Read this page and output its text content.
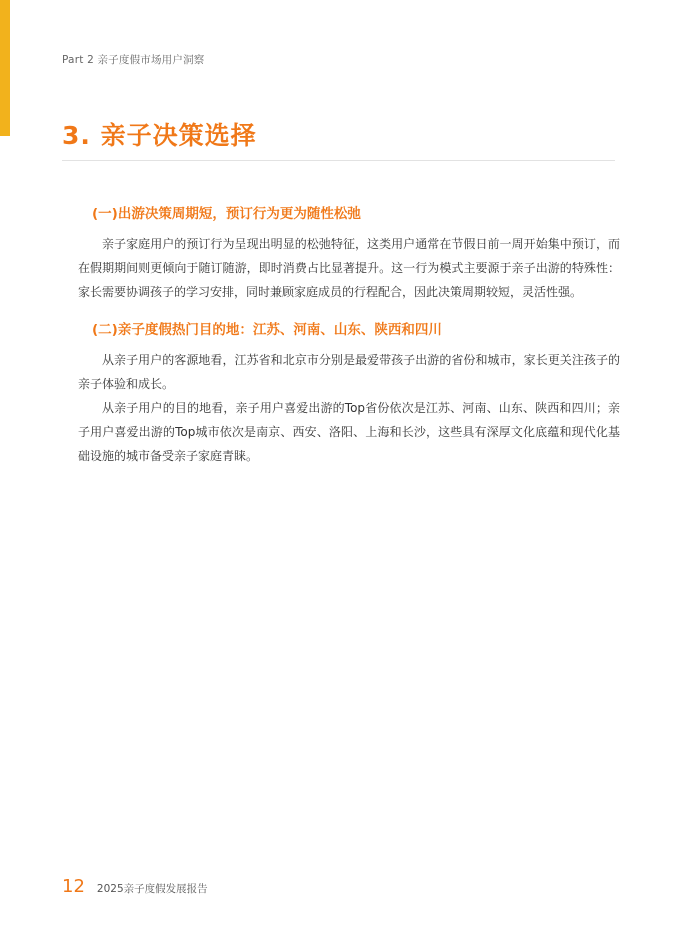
Part 2 亲子度假市场用户洞察
3. 亲子决策选择

(一)出游决策周期短，预订行为更为随性松弛

亲子家庭用户的预订行为呈现出明显的松弛特征，这类用户通常在节假日前一周开始集中预订，而在假期期间则更倾向于随订随游，即时消费占比显著提升。这一行为模式主要源于亲子出游的特殊性：家长需要协调孩子的学习安排，同时兼顾家庭成员的行程配合，因此决策周期较短，灵活性强。

(二)亲子度假热门目的地：江苏、河南、山东、陕西和四川

从亲子用户的客源地看，江苏省和北京市分别是最爱带孩子出游的省份和城市，家长更关注孩子的亲子体验和成长。

从亲子用户的目的地看，亲子用户喜爱出游的Top省份依次是江苏、河南、山东、陕西和四川；亲子用户喜爱出游的Top城市依次是南京、西安、洛阳、上海和长沙，这些具有深厚文化底蕴和现代化基础设施的城市备受亲子家庭青睐。

12 2025亲子度假发展报告
